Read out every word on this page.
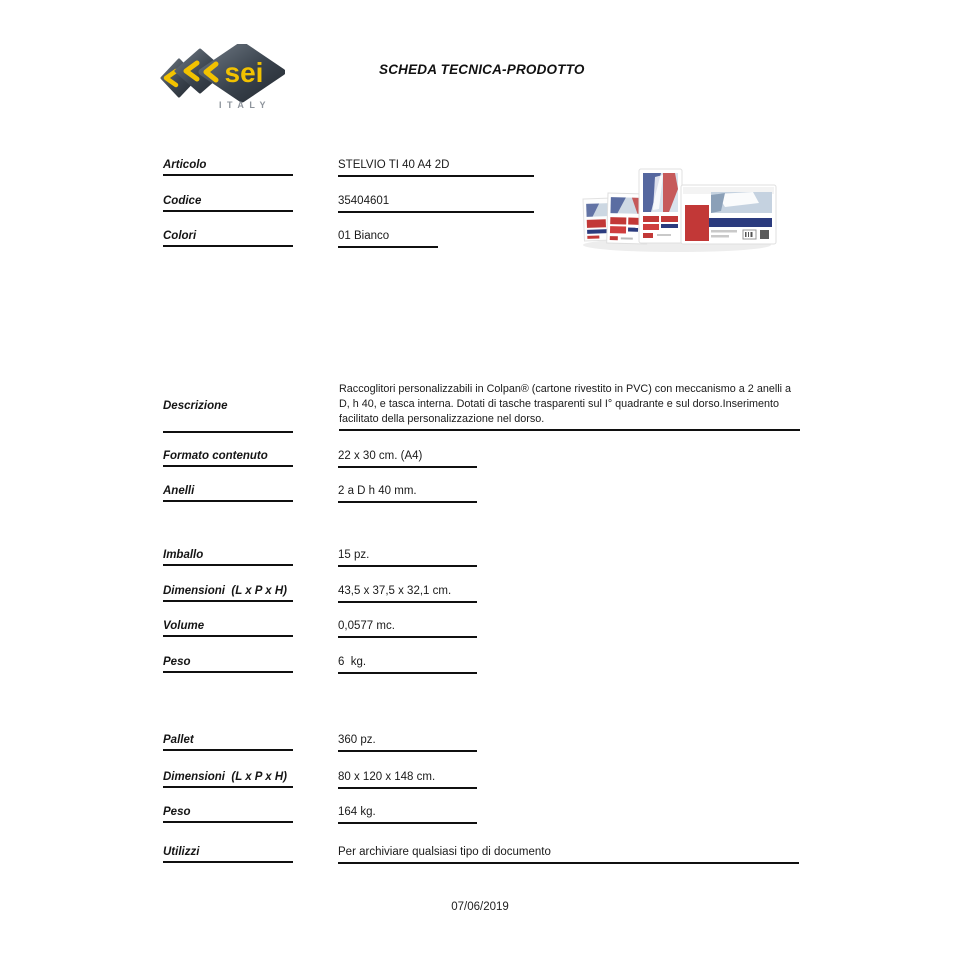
sei
ITALY
SCHEDA TECNICA-PRODOTTO
Articolo	STELVIO TI 40 A4 2D
Codice	35404601
Colori	01 Bianco
Descrizione
Raccoglitori personalizzabili in Colpan® (cartone rivestito in PVC) con meccanismo a 2 anelli a D, h 40, e tasca interna. Dotati di tasche trasparenti sul I° quadrante e sul dorso.Inserimento facilitato della personalizzazione nel dorso.
Formato contenuto	22 x 30 cm. (A4)
Anelli	2 a D h 40 mm.
Imballo	15 pz.
Dimensioni  (L x P x H)	43,5 x 37,5 x 32,1 cm.
Volume	0,0577 mc.
Peso	6  kg.
Pallet	360 pz.
Dimensioni  (L x P x H)	80 x 120 x 148 cm.
Peso	164 kg.
Utilizzi	Per archiviare qualsiasi tipo di documento
07/06/2019
